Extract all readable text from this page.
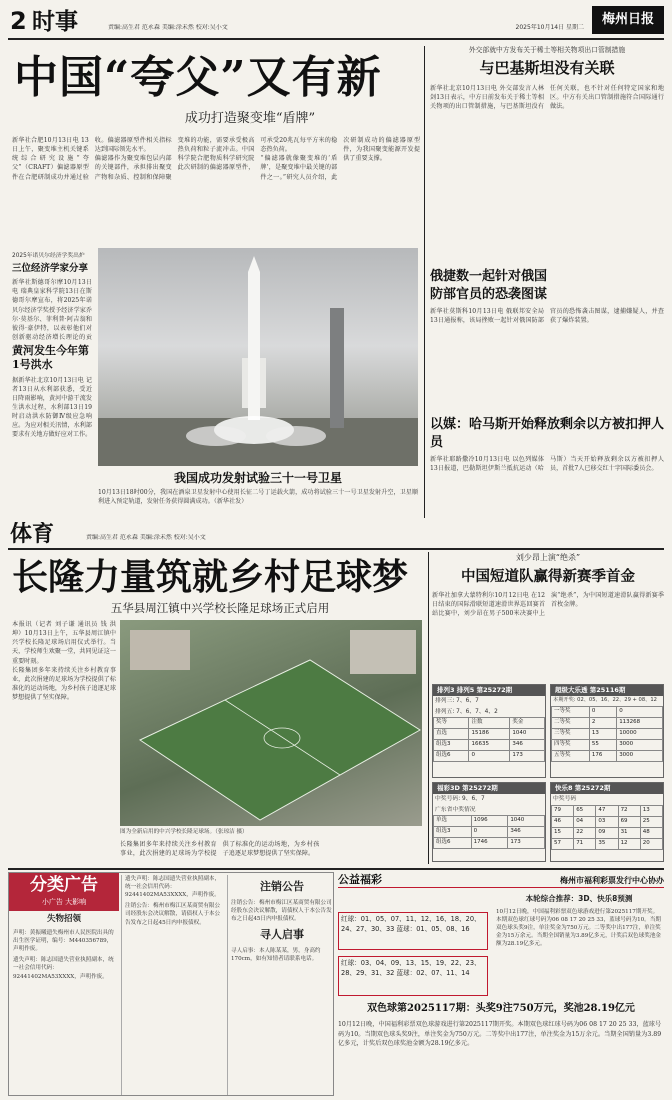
2 时事	责编:高生君 范永森 美编:涂未然 校对:吴小文	2025年10月14日 星期二
梅州日报
中国“夸父”又有新
成功打造聚变堆“盾牌”

新华社合肥10月13日电 13日上午，聚变堆主机关键系统综合研究设施“夸父”（CRAFT）偏滤器原型件在合肥研制成功并通过验收。偏滤器原型件相关指标达到国际领先水平。

偏滤器作为聚变堆包层内部的关键部件，承担排出聚变产物和杂质、控制和保障聚变堆的功能，需要承受极高热负荷和粒子流冲击。中国科学院合肥物质科学研究院此次研制的偏滤器原型件，可承受20兆瓦每平方米的稳态热负荷。

“偏滤器就像聚变堆的‘盾牌’，是聚变堆中最关键的部件之一。”研究人员介绍，此次研制成功的偏滤器原型件，为我国聚变能源开发提供了重要支撑。

2025年诺贝尔经济学奖出炉
三位经济学家分享

新华社斯德哥尔摩10月13日电 瑞典皇家科学院13日在斯德哥尔摩宣布，将2025年诺贝尔经济学奖授予经济学家乔尔·莫基尔、菲利普·阿吉翁和彼得·豪伊特，以表彰他们对创新驱动经济增长理论的贡

黄河发生今年第1号洪水

据新华社北京10月13日电 记者13日从水利部获悉，受近日降雨影响，黄河中游干流发生洪水过程，水利部13日19时启动洪水防御Ⅳ级应急响应。为应对相关汛情，水利部要求有关地方做好应对工作。

我国成功发射试验三十一号卫星

10月13日18时00分，我国在酒泉卫星发射中心使用长征二号丁运载火箭，成功将试验三十一号卫星发射升空，卫星顺利进入预定轨道，发射任务获得圆满成功。（新华社发）

外交部就中方发布关于稀土等相关物项出口管制措施
与巴基斯坦没有关联

新华社北京10月13日电 外交部发言人林剑13日表示，中方日前发布关于稀土等相关物项的出口管制措施，与巴基斯坦没有任何关联，也不针对任何特定国家和地区。中方有关出口管制措施符合国际通行做法。

俄捷数一起针对俄国防部官员的恐袭图谋

新华社莫斯科10月13日电 俄联邦安全局13日通报称，该局挫败一起针对俄国防部官员的恐怖袭击图谋，逮捕嫌疑人，并查获了爆炸装置。

以媒：哈马斯开始释放剩余以方被扣押人员

新华社耶路撒冷10月13日电 以色列媒体13日报道，巴勒斯坦伊斯兰抵抗运动（哈马斯）当天开始释放剩余以方被扣押人员，首批7人已移交红十字国际委员会。

体育	责编:高生君 范永森 美编:涂未然 校对:吴小文
长隆力量筑就乡村足球梦
五华县周江镇中兴学校长隆足球场正式启用

本报讯（记者 刘子谦 通讯员 钱 洪 坤）10月13日上午，五华县周江镇中兴学校长隆足球场启用仪式举行。当天，学校师生欢聚一堂，共同见证这一重要时刻。

长隆集团多年来持续关注乡村教育事业，此次捐建的足球场为学校提供了标准化的运动场地，为乡村孩子追逐足球梦想提供了坚实保障。

图为全新启用的中兴学校长隆足球场。（张琼洁 摄）

长隆集团多年来持续关注乡村教育事业，此次捐建的足球场为学校提供了标准化的运动场地，为乡村孩子追逐足球梦想提供了坚实保障。

刘少昂上演“绝杀”
中国短道队赢得新赛季首金

新华社加拿大蒙特利尔10月12日电 在12日结束的国际滑联短道速滑世界巡回赛首站比赛中，刘少昂在男子500米决赛中上演“绝杀”，为中国短道速滑队赢得新赛季首枚金牌。

排列3 排列5 第25272期
排列三: 7、6、7
排列五: 7、6、7、4、2
奖等	注数	奖金
直选	15186	1040
组选3	16635	346
组选6	0	173
超级大乐透 第25116期
本期开奖: 02、05、16、22、29 + 08、12
一等奖	0	0
二等奖	2	113268
三等奖	13	10000
四等奖	55	3000
五等奖	176	3000
福彩3D 第25272期
中奖号码: 9、6、7
广东省中奖情况
单选	1096	1040
组选3	0	346
组选6	1746	173
快乐8 第25272期
中奖号码
79	65	47	72	13
46	04	03	69	25
15	22	09	31	48
57	71	35	12	20
分类广告
小广告 大影响
失物招领

声明：黄振曦遗失梅州市人民医院出具的出生医学证明，编号：M440356789，声明作废。

遗失声明：陈志国遗失营业执照副本，统一社会信用代码：92441402MA53XXXX，声明作废。

遗失声明：陈志国遗失营业执照副本，统一社会信用代码：92441402MA53XXXX，声明作废。

注销公告：梅州市梅江区某商贸有限公司经股东会决议解散，请债权人于本公告发布之日起45日内申报债权。

注销公告

注销公告：梅州市梅江区某商贸有限公司经股东会决议解散，请债权人于本公告发布之日起45日内申报债权。

寻人启事

寻人启事：本人陈某某，男，身高约170cm，如有知情者请联系电话。

公益福彩	梅州市福利彩票发行中心协办

红球：01、05、07、11、12、16、18、20、24、27、30、33 蓝球：01、05、08、16

红球：03、04、09、13、15、19、22、23、28、29、31、32 蓝球：02、07、11、14

本轮综合推荐：3D、快乐8预测

10月12日晚，中国福利彩票双色球游戏进行第2025117期开奖。本期双色球红球号码为06 08 17 20 25 33，蓝球号码为10。当期双色球头奖9注，单注奖金为750万元。二等奖中出177注，单注奖金为15万余元。当期全国销量为3.89亿多元，计奖后双色球奖池金额为28.19亿多元。

双色球第2025117期：头奖9注750万元，奖池28.19亿元

10月12日晚，中国福利彩票双色球游戏进行第2025117期开奖。本期双色球红球号码为06 08 17 20 25 33，蓝球号码为10。当期双色球头奖9注，单注奖金为750万元。二等奖中出177注，单注奖金为15万余元。当期全国销量为3.89亿多元，计奖后双色球奖池金额为28.19亿多元。
